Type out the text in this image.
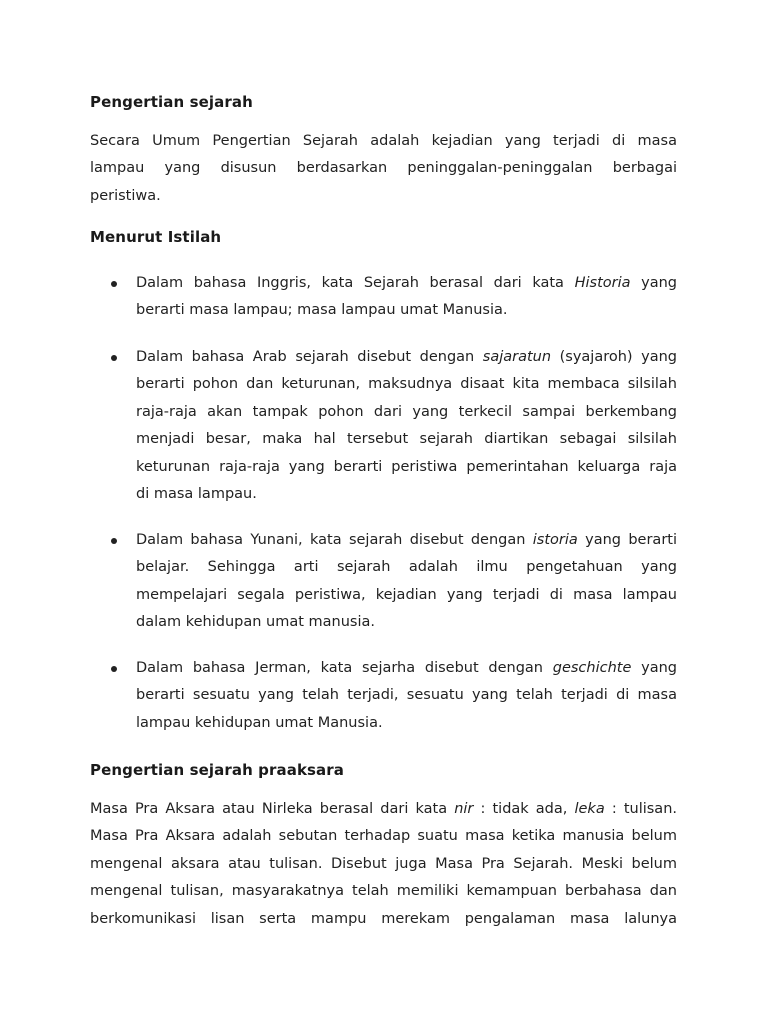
Pengertian sejarah
Secara Umum Pengertian Sejarah adalah kejadian yang terjadi di masa
lampau yang disusun berdasarkan peninggalan-peninggalan berbagai
peristiwa.
Menurut Istilah
Dalam bahasa Inggris, kata Sejarah berasal dari kata Historia yang
berarti masa lampau; masa lampau umat Manusia.
Dalam bahasa Arab sejarah disebut dengan sajaratun (syajaroh) yang
berarti pohon dan keturunan, maksudnya disaat kita membaca silsilah
raja-raja akan tampak pohon dari yang terkecil sampai berkembang
menjadi besar, maka hal tersebut sejarah diartikan sebagai silsilah
keturunan raja-raja yang berarti peristiwa pemerintahan keluarga raja
di masa lampau.
Dalam bahasa Yunani, kata sejarah disebut dengan istoria yang berarti
belajar. Sehingga arti sejarah adalah ilmu pengetahuan yang
mempelajari segala peristiwa, kejadian yang terjadi di masa lampau
dalam kehidupan umat manusia.
Dalam bahasa Jerman, kata sejarha disebut dengan geschichte yang
berarti sesuatu yang telah terjadi, sesuatu yang telah terjadi di masa
lampau kehidupan umat Manusia.
Pengertian sejarah praaksara
Masa Pra Aksara atau Nirleka berasal dari kata nir : tidak ada, leka : tulisan.
Masa Pra Aksara adalah sebutan terhadap suatu masa ketika manusia belum
mengenal aksara atau tulisan. Disebut juga Masa Pra Sejarah. Meski belum
mengenal tulisan, masyarakatnya telah memiliki kemampuan berbahasa dan
berkomunikasi lisan serta mampu merekam pengalaman masa lalunya
